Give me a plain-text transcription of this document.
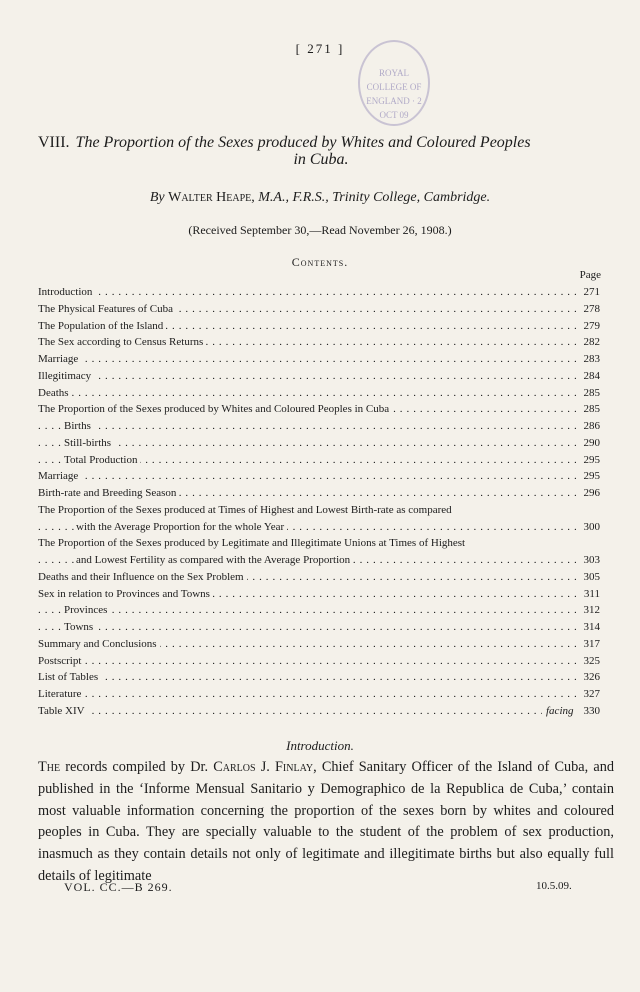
[ 271 ]
ROYAL COLLEGE OF ENGLAND · 2 OCT 09
VIII. The Proportion of the Sexes produced by Whites and Coloured Peoples
in Cuba.
By Walter Heape, M.A., F.R.S., Trinity College, Cambridge.
(Received September 30,—Read November 26, 1908.)
Contents.
Page
Introduction	271
. . .
The Physical Features of Cuba	278
. . .
The Population of the Island	279
. . .
The Sex according to Census Returns	282
. . .
Marriage	283
. . .
Illegitimacy	284
. . .
Deaths	285
. . .
The Proportion of the Sexes produced by Whites and Coloured Peoples in Cuba	285
. . .
Births	286
. . .
Still-births	290
. . .
Total Production	295
. . .
Marriage	295
. . .
Birth-rate and Breeding Season	296
. . .
The Proportion of the Sexes produced at Times of Highest and Lowest Birth-rate as compared
with the Average Proportion for the whole Year	300
. . .
The Proportion of the Sexes produced by Legitimate and Illegitimate Unions at Times of Highest
and Lowest Fertility as compared with the Average Proportion	303
. . .
Deaths and their Influence on the Sex Problem	305
. . .
Sex in relation to Provinces and Towns	311
. . .
Provinces	312
. . .
Towns	314
. . .
Summary and Conclusions	317
. . .
Postscript	325
. . .
List of Tables	326
. . .
Literature	327
. . .
Table XIV	facing 330
. . .
Introduction.

The records compiled by Dr. Carlos J. Finlay, Chief Sanitary Officer of the Island of Cuba, and published in the ‘Informe Mensual Sanitario y Demographico de la Republica de Cuba,’ contain most valuable information concerning the proportion of the sexes born by whites and coloured peoples in Cuba. They are specially valuable to the student of the problem of sex production, inasmuch as they contain details not only of legitimate and illegitimate births but also equally full details of legitimate

VOL. CC.—B 269.	10.5.09.
